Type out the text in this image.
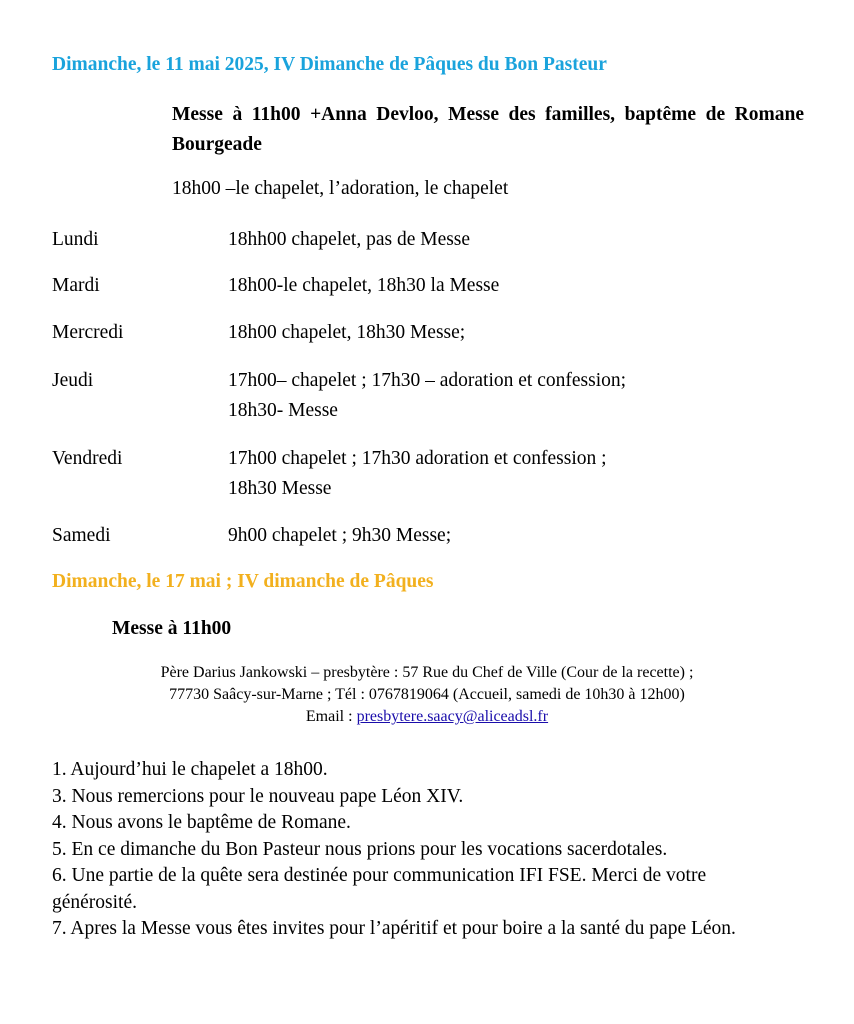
Dimanche, le 11 mai 2025, IV Dimanche de Pâques du Bon Pasteur
Messe à 11h00 +Anna Devloo, Messe des familles, baptême de Romane Bourgeade
18h00 –le chapelet, l’adoration, le chapelet
Lundi	18hh00 chapelet, pas de Messe
Mardi	18h00-le chapelet, 18h30 la Messe
Mercredi	18h00 chapelet, 18h30 Messe;
Jeudi	17h00– chapelet ; 17h30 – adoration et confession;
18h30- Messe
Vendredi	17h00 chapelet ; 17h30 adoration et confession ;
18h30 Messe
Samedi	9h00 chapelet ; 9h30 Messe;
Dimanche, le 17 mai ; IV dimanche de Pâques
Messe à 11h00
Père Darius Jankowski – presbytère : 57 Rue du Chef de Ville (Cour de la recette) ;
77730 Saâcy-sur-Marne ; Tél : 0767819064 (Accueil, samedi de 10h30 à 12h00)
Email : presbytere.saacy@aliceadsl.fr

1. Aujourd’hui le chapelet a 18h00.

3. Nous remercions pour le nouveau pape Léon XIV.

4. Nous avons le baptême de Romane.

5. En ce dimanche du Bon Pasteur nous prions pour les vocations sacerdotales.

6. Une partie de la quête sera destinée pour communication IFI FSE. Merci de votre générosité.

7. Apres la Messe vous êtes invites pour l’apéritif et pour boire a la santé du pape Léon.
